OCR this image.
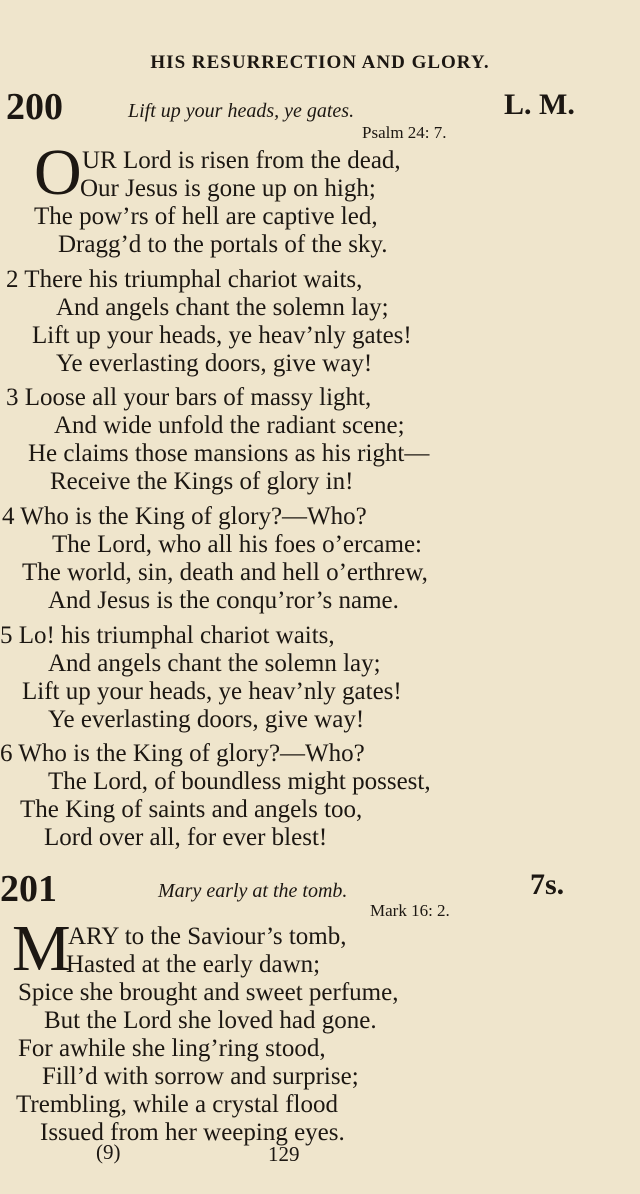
HIS RESURRECTION AND GLORY.
200	Lift up your heads, ye gates.	L. M.
Psalm 24: 7.
O UR Lord is risen from the dead,
Our Jesus is gone up on high;
The pow’rs of hell are captive led,
Dragg’d to the portals of the sky.
2 There his triumphal chariot waits,
And angels chant the solemn lay;
Lift up your heads, ye heav’nly gates!
Ye everlasting doors, give way!
3 Loose all your bars of massy light,
And wide unfold the radiant scene;
He claims those mansions as his right—
Receive the Kings of glory in!
4 Who is the King of glory?—Who?
The Lord, who all his foes o’ercame:
The world, sin, death and hell o’erthrew,
And Jesus is the conqu’ror’s name.
5 Lo! his triumphal chariot waits,
And angels chant the solemn lay;
Lift up your heads, ye heav’nly gates!
Ye everlasting doors, give way!
6 Who is the King of glory?—Who?
The Lord, of boundless might possest,
The King of saints and angels too,
Lord over all, for ever blest!
201	Mary early at the tomb.	7s.
Mark 16: 2.
M
ARY to the Saviour’s tomb,
Hasted at the early dawn;
Spice she brought and sweet perfume,
But the Lord she loved had gone.
For awhile she ling’ring stood,
Fill’d with sorrow and surprise;
Trembling, while a crystal flood
Issued from her weeping eyes.
(9)	129
